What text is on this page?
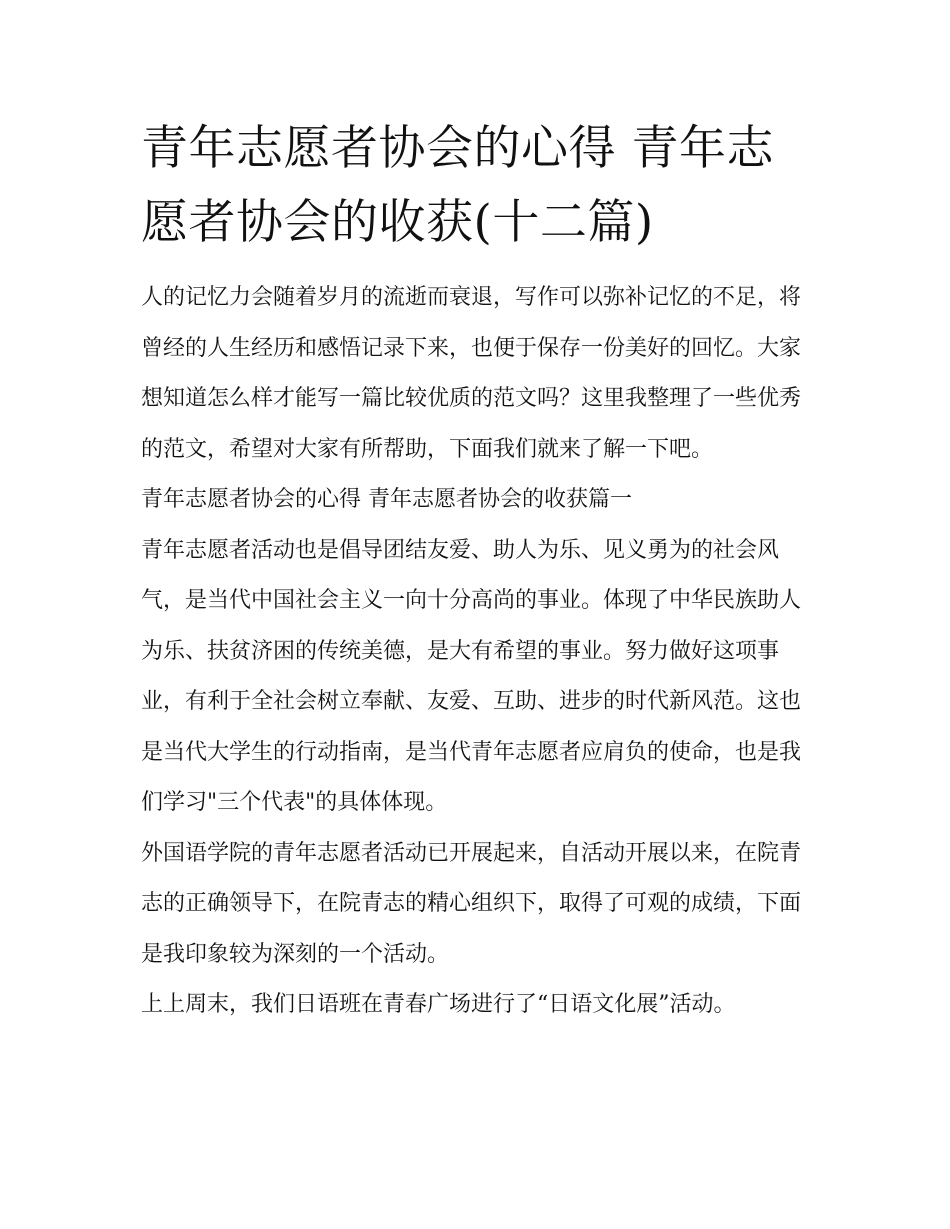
青年志愿者协会的心得 青年志愿者协会的收获(十二篇)

人的记忆力会随着岁月的流逝而衰退，写作可以弥补记忆的不足，将曾经的人生经历和感悟记录下来，也便于保存一份美好的回忆。大家想知道怎么样才能写一篇比较优质的范文吗？这里我整理了一些优秀的范文，希望对大家有所帮助，下面我们就来了解一下吧。

青年志愿者协会的心得 青年志愿者协会的收获篇一

青年志愿者活动也是倡导团结友爱、助人为乐、见义勇为的社会风气，是当代中国社会主义一向十分高尚的事业。体现了中华民族助人为乐、扶贫济困的传统美德，是大有希望的事业。努力做好这项事业，有利于全社会树立奉献、友爱、互助、进步的时代新风范。这也是当代大学生的行动指南，是当代青年志愿者应肩负的使命，也是我们学习"三个代表"的具体体现。

外国语学院的青年志愿者活动已开展起来，自活动开展以来，在院青志的正确领导下，在院青志的精心组织下，取得了可观的成绩，下面是我印象较为深刻的一个活动。

上上周末，我们日语班在青春广场进行了“日语文化展”活动。
